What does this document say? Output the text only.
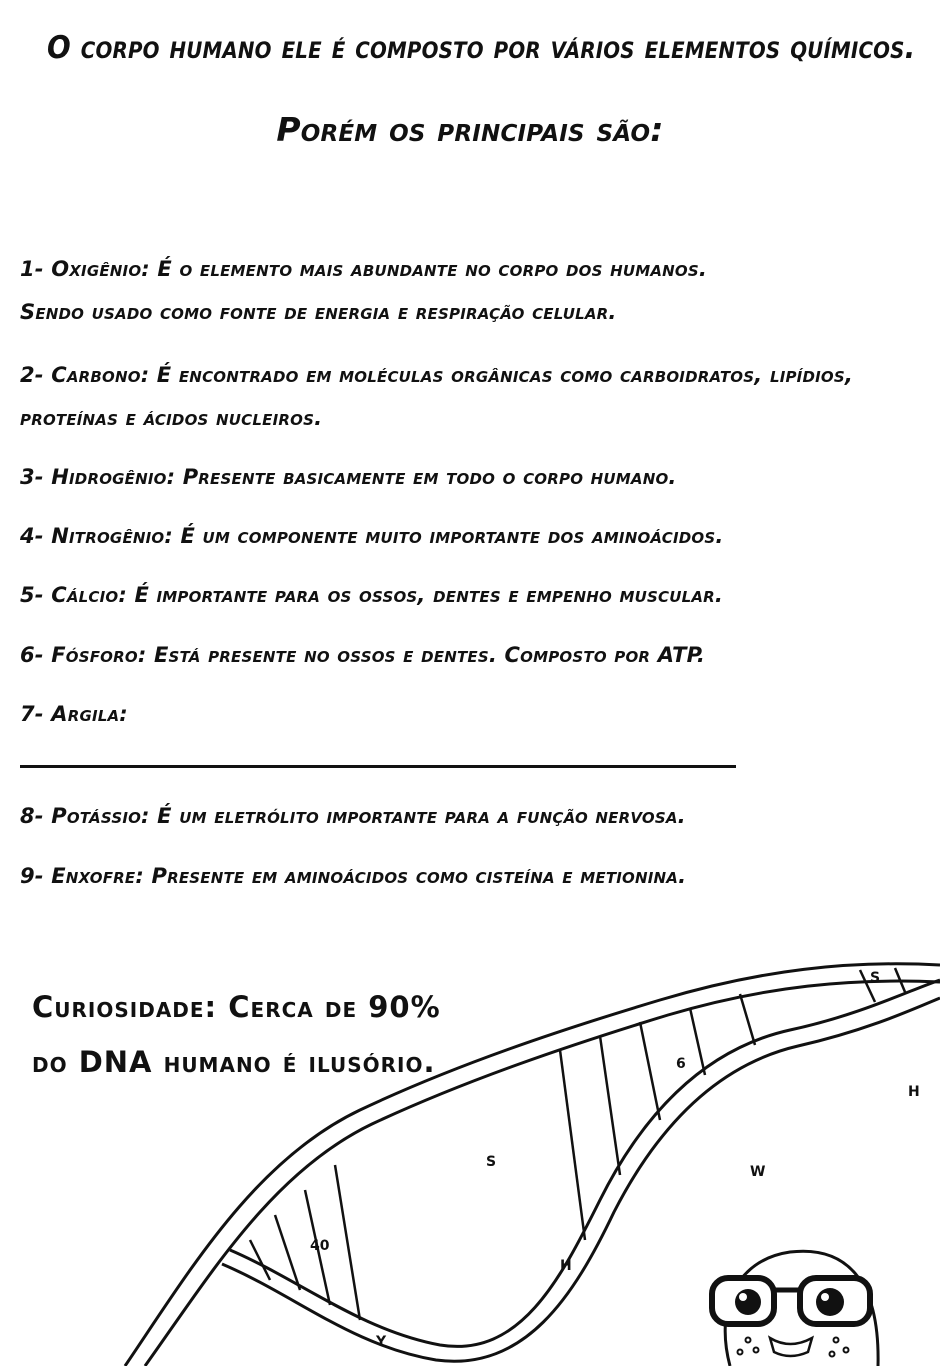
O corpo humano ele é composto por vários elementos químicos.
Porém os principais são:
1- Oxigênio: É o elemento mais abundante no corpo dos humanos.
Sendo usado como fonte de energia e respiração celular.
2- Carbono: É encontrado em moléculas orgânicas como carboidratos, lipídios,
proteínas e ácidos nucleiros.
3- Hidrogênio: Presente basicamente em todo o corpo humano.
4- Nitrogênio: É um componente muito importante dos aminoácidos.
5- Cálcio: É importante para os ossos, dentes e empenho muscular.
6- Fósforo: Está presente no ossos e dentes. Composto por ATP.
7- Argila:
8- Potássio: É um eletrólito importante para a função nervosa.
9- Enxofre: Presente em aminoácidos como cisteína e metionina.
Curiosidade: Cerca de 90%
do DNA humano é ilusório.
S
6
S
40
H
W
H
Y
